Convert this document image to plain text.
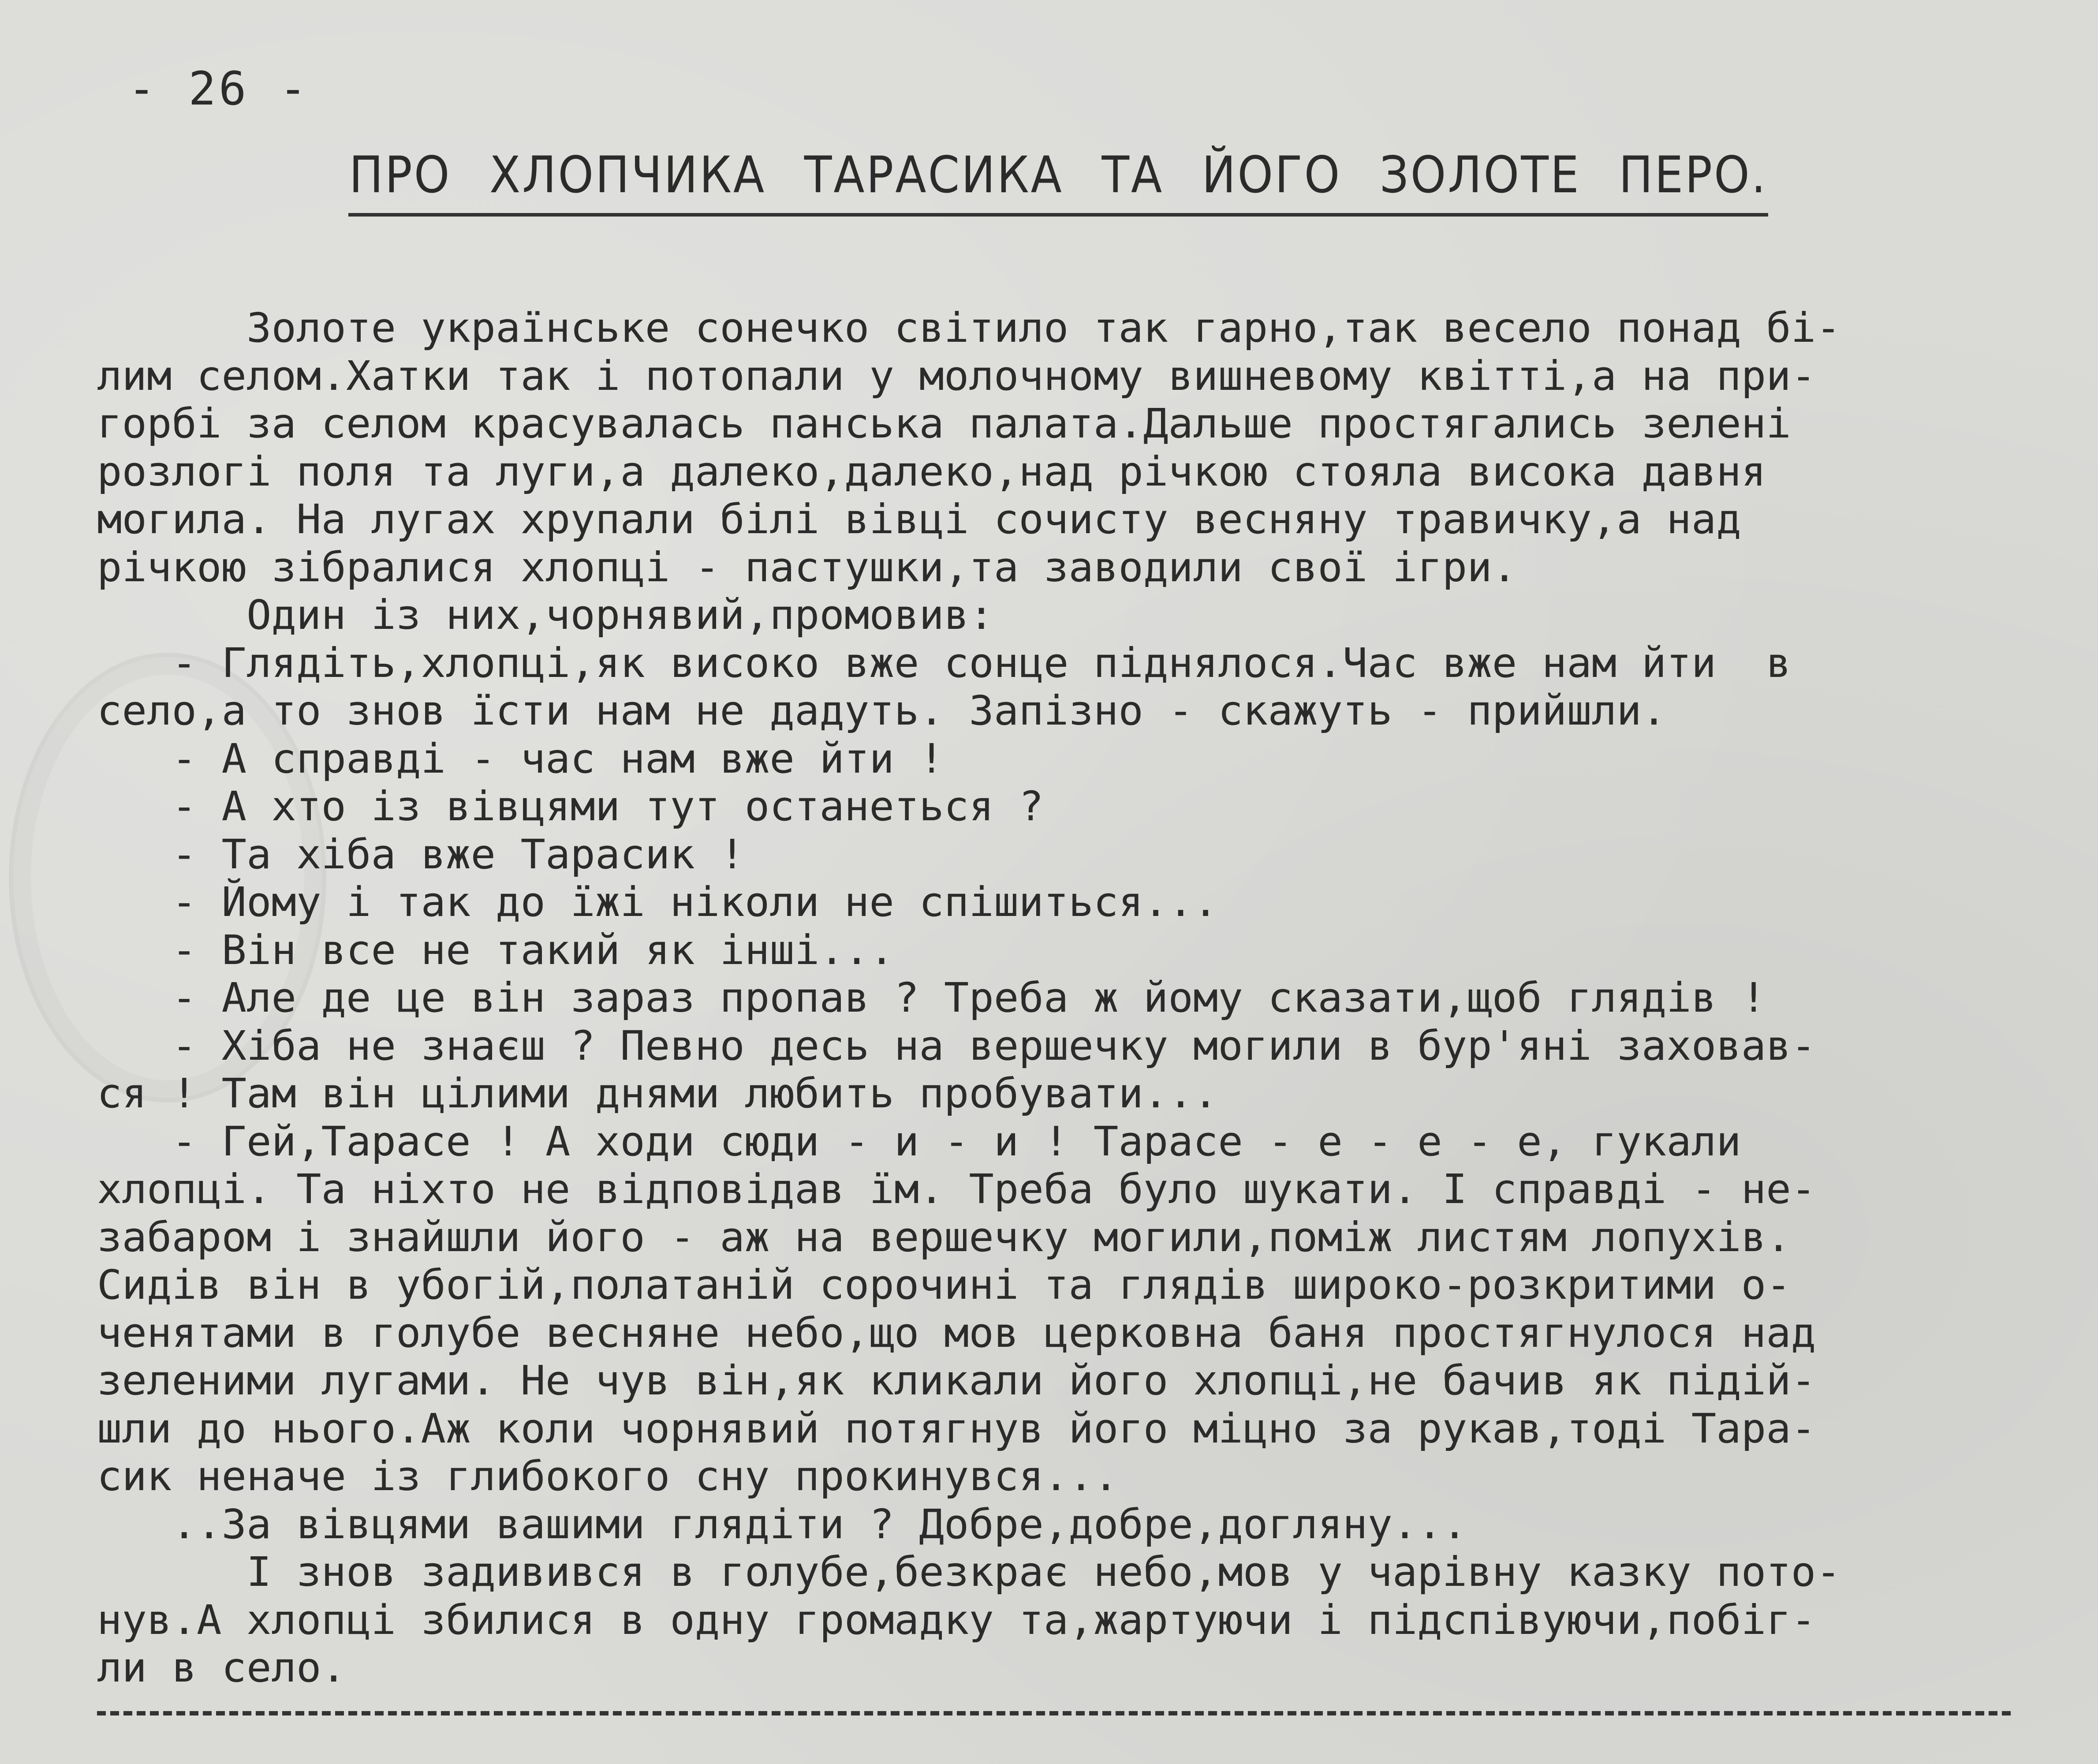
- 26 -
ПРО ХЛОПЧИКА ТАРАСИКА ТА ЙОГО ЗОЛОТЕ ПЕРО.
Золоте українське сонечко світило так гарно,так весело понад бі-
лим селом.Хатки так і потопали у молочному вишневому квітті,а на при-
горбі за селом красувалась панська палата.Дальше простягались зелені
розлогі поля та луги,а далеко,далеко,над річкою стояла висока давня
могила. На лугах хрупали білі вівці сочисту весняну травичку,а над
річкою зібралися хлопці - пастушки,та заводили свої ігри.
Один із них,чорнявий,промовив:
- Глядіть,хлопці,як високо вже сонце піднялося.Час вже нам йти  в
село,а то знов їсти нам не дадуть. Запізно - скажуть - прийшли.
- А справді - час нам вже йти !
- А хто із вівцями тут останеться ?
- Та хіба вже Тарасик !
- Йому і так до їжі ніколи не спішиться...
- Він все не такий як інші...
- Але де це він зараз пропав ? Треба ж йому сказати,щоб глядів !
- Хіба не знаєш ? Певно десь на вершечку могили в бур'яні заховав-
ся ! Там він цілими днями любить пробувати...
- Гей,Тарасе ! А ходи сюди - и - и ! Тарасе - е - е - е, гукали
хлопці. Та ніхто не відповідав їм. Треба було шукати. І справді - не-
забаром і знайшли його - аж на вершечку могили,поміж листям лопухів.
Сидів він в убогій,полатаній сорочині та глядів широко-розкритими о-
ченятами в голубе весняне небо,що мов церковна баня простягнулося над
зеленими лугами. Не чув він,як кликали його хлопці,не бачив як підій-
шли до нього.Аж коли чорнявий потягнув його міцно за рукав,тоді Тара-
сик неначе із глибокого сну прокинувся...
..За вівцями вашими глядіти ? Добре,добре,догляну...
І знов задивився в голубе,безкрає небо,мов у чарівну казку пото-
нув.А хлопці збилися в одну громадку та,жартуючи і підспівуючи,побіг-
ли в село.
